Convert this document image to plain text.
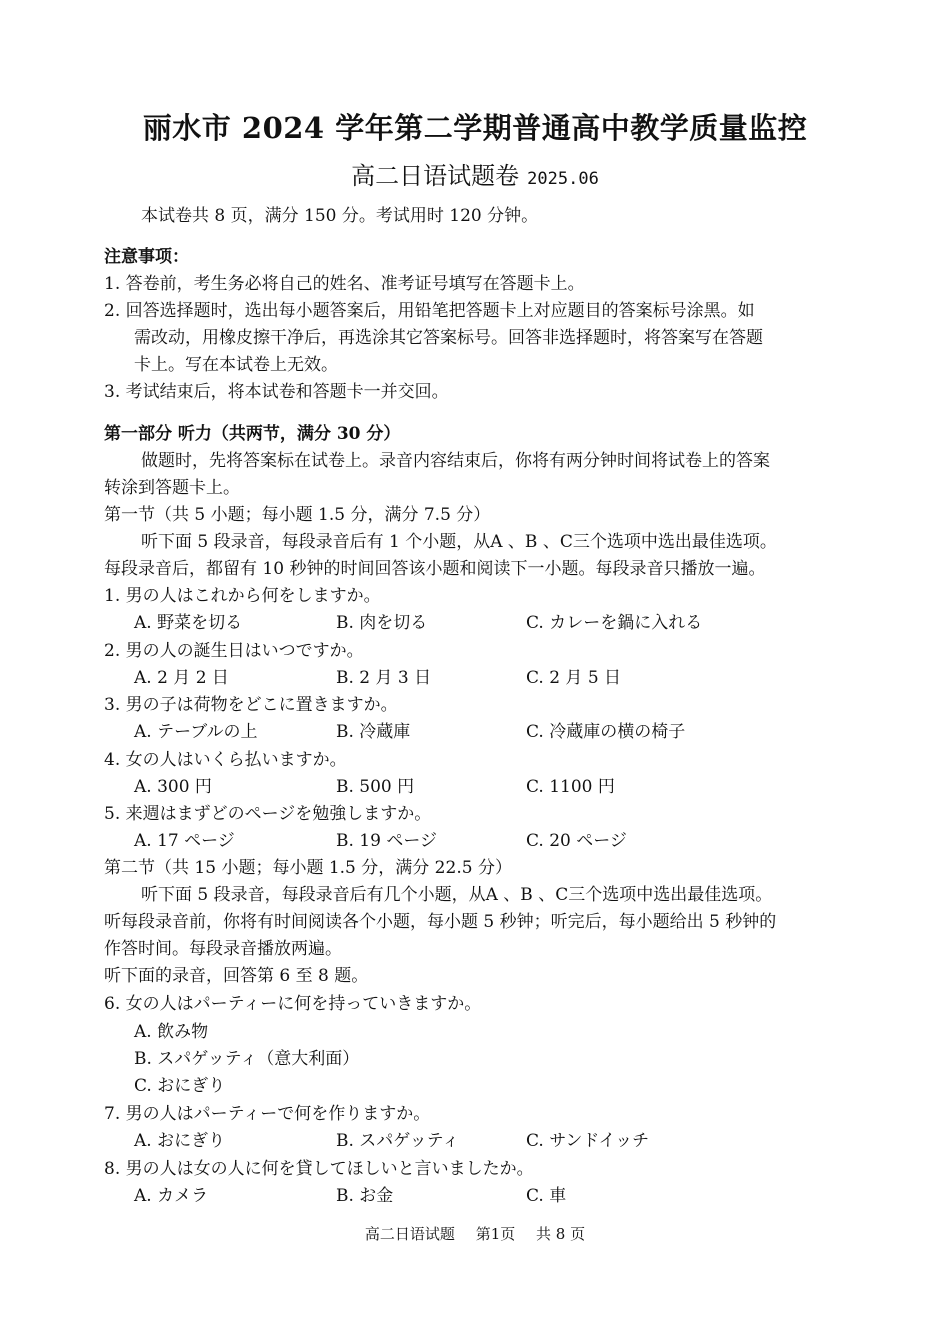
丽水市 2024 学年第二学期普通高中教学质量监控
高二日语试题卷 2025.06
本试卷共 8 页，满分 150 分。考试用时 120 分钟。
注意事项：
1. 答卷前，考生务必将自己的姓名、准考证号填写在答题卡上。
2. 回答选择题时，选出每小题答案后，用铅笔把答题卡上对应题目的答案标号涂黑。如
需改动，用橡皮擦干净后，再选涂其它答案标号。回答非选择题时，将答案写在答题
卡上。写在本试卷上无效。
3. 考试结束后，将本试卷和答题卡一并交回。
第一部分 听力（共两节，满分 30 分）
做题时，先将答案标在试卷上。录音内容结束后，你将有两分钟时间将试卷上的答案
转涂到答题卡上。
第一节（共 5 小题；每小题 1.5 分，满分 7.5 分）
听下面 5 段录音，每段录音后有 1 个小题，从A 、B 、C三个选项中选出最佳选项。
每段录音后，都留有 10 秒钟的时间回答该小题和阅读下一小题。每段录音只播放一遍。
1. 男の人はこれから何をしますか。
A. 野菜を切る	B. 肉を切る	C. カレーを鍋に入れる
2. 男の人の誕生日はいつですか。
A. 2 月 2 日	B. 2 月 3 日	C. 2 月 5 日
3. 男の子は荷物をどこに置きますか。
A. テーブルの上	B. 冷蔵庫	C. 冷蔵庫の横の椅子
4. 女の人はいくら払いますか。
A. 300 円	B. 500 円	C. 1100 円
5. 来週はまずどのページを勉強しますか。
A. 17 ページ	B. 19 ページ	C. 20 ページ
第二节（共 15 小题；每小题 1.5 分，满分 22.5 分）
听下面 5 段录音，每段录音后有几个小题，从A 、B 、C三个选项中选出最佳选项。
听每段录音前，你将有时间阅读各个小题，每小题 5 秒钟；听完后，每小题给出 5 秒钟的
作答时间。每段录音播放两遍。
听下面的录音，回答第 6 至 8 题。
6. 女の人はパーティーに何を持っていきますか。
A. 飲み物
B. スパゲッティ（意大利面）
C. おにぎり
7. 男の人はパーティーで何を作りますか。
A. おにぎり	B. スパゲッティ	C. サンドイッチ
8. 男の人は女の人に何を貸してほしいと言いましたか。
A. カメラ	B. お金	C. 車
高二日语试题 第1页 共 8 页
